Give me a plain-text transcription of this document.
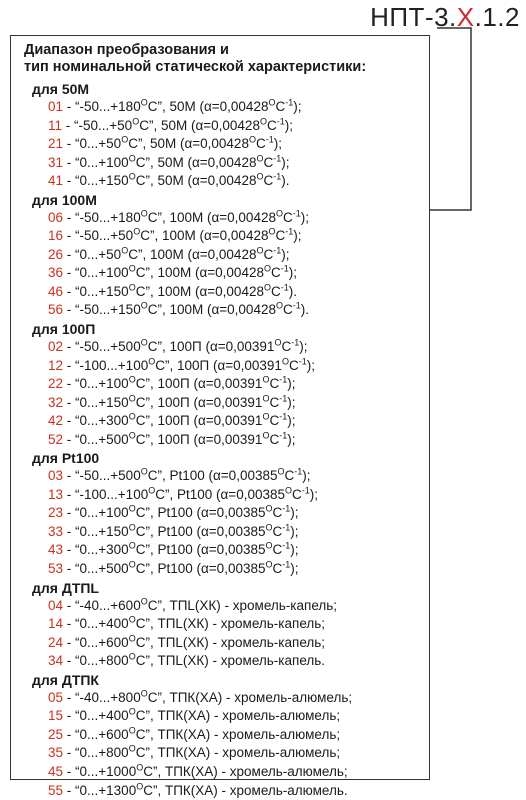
НПТ-3.Х.1.2
Диапазон преобразования и
тип номинальной статической характеристики:
для 50М
$01 - “-50...+180^ОС$”, 50М $(\alpha=0,00428^ОС^{-1})$;
$11 - “-50...+50^ОС$”, 50М $(\alpha=0,00428^ОС^{-1})$;
$21 - “0...+50^ОС$”, 50М $(\alpha=0,00428^ОС^{-1})$;
$31 - “0...+100^ОС$”, 50М $(\alpha=0,00428^ОС^{-1})$;
$41 - “0...+150^ОС$”, 50М $(\alpha=0,00428^ОС^{-1})$.
для 100М
$06 - “-50...+180^ОС$”, 100М $(\alpha=0,00428^ОС^{-1})$;
$16 - “-50...+50^ОС$”, 100М $(\alpha=0,00428^ОС^{-1})$;
$26 - “0...+50^ОС$”, 100М $(\alpha=0,00428^ОС^{-1})$;
$36 - “0...+100^ОС$”, 100М $(\alpha=0,00428^ОС^{-1})$;
$46 - “0...+150^ОС$”, 100М $(\alpha=0,00428^ОС^{-1})$.
$56 - “-50...+150^ОС$”, 100М $(\alpha=0,00428^ОС^{-1})$.
для 100П
$02 - “-50...+500^ОС$”, 100П $(\alpha=0,00391^ОС^{-1})$;
$12 - “-100...+100^ОС$”, 100П $(\alpha=0,00391^ОС^{-1})$;
$22 - “0...+100^ОС$”, 100П $(\alpha=0,00391^ОС^{-1})$;
$32 - “0...+150^ОС$”, 100П $(\alpha=0,00391^ОС^{-1})$;
$42 - “0...+300^ОС$”, 100П $(\alpha=0,00391^ОС^{-1})$;
$52 - “0...+500^ОС$”, 100П $(\alpha=0,00391^ОС^{-1})$;
для Pt100
$03 - “-50...+500^ОС$”, Pt100 $(\alpha=0,00385^ОС^{-1})$;
$13 - “-100...+100^ОС$”, Pt100 $(\alpha=0,00385^ОС^{-1})$;
$23 - “0...+100^ОС$”, Pt100 $(\alpha=0,00385^ОС^{-1})$;
$33 - “0...+150^ОС$”, Pt100 $(\alpha=0,00385^ОС^{-1})$;
$43 - “0...+300^ОС$”, Pt100 $(\alpha=0,00385^ОС^{-1})$;
$53 - “0...+500^ОС$”, Pt100 $(\alpha=0,00385^ОС^{-1})$;
для ДТПL
$04 - “-40...+600^ОС$”, ТПL(ХК) - хромель-капель;
$14 - “0...+400^ОС$”, ТПL(ХК) - хромель-капель;
$24 - “0...+600^ОС$”, ТПL(ХК) - хромель-капель;
$34 - “0...+800^ОС$”, ТПL(ХК) - хромель-капель.
для ДТПК
$05 - “-40...+800^ОС$”, ТПК(ХА) - хромель-алюмель;
$15 - “0...+400^ОС$”, ТПК(ХА) - хромель-алюмель;
$25 - “0...+600^ОС$”, ТПК(ХА) - хромель-алюмель;
$35 - “0...+800^ОС$”, ТПК(ХА) - хромель-алюмель;
$45 - “0...+1000^ОС$”, ТПК(ХА) - хромель-алюмель;
$55 - “0...+1300^ОС$”, ТПК(ХА) - хромель-алюмель.
